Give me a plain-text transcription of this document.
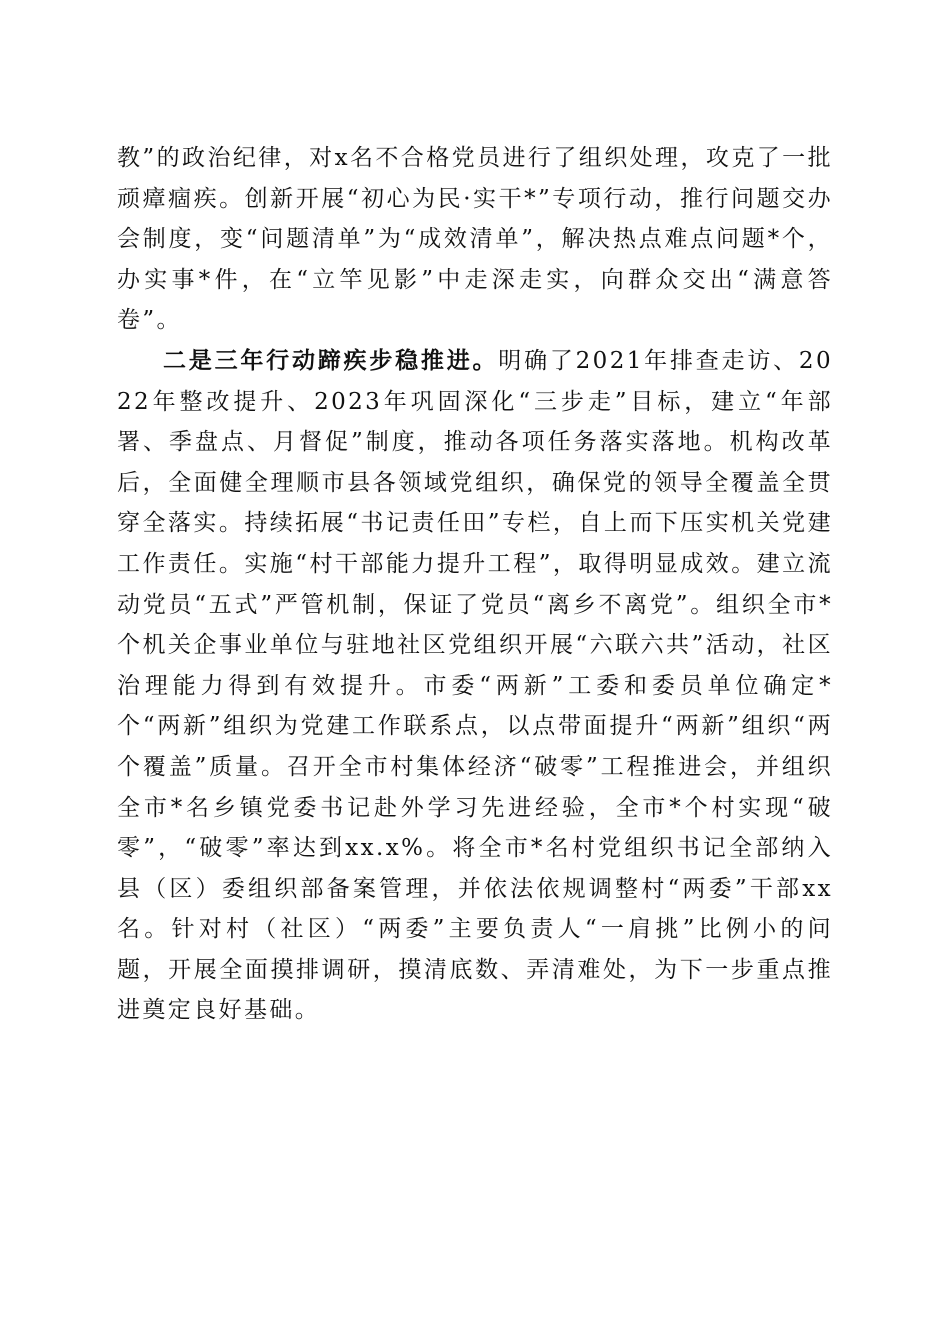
教”的政治纪律，对x名不合格党员进行了组织处理，攻克了一批顽瘴痼疾。创新开展“初心为民·实干*”专项行动，推行问题交办会制度，变“问题清单”为“成效清单”，解决热点难点问题*个，办实事*件，在“立竿见影”中走深走实，向群众交出“满意答卷”。

二是三年行动蹄疾步稳推进。明确了2021年排查走访、2022年整改提升、2023年巩固深化“三步走”目标，建立“年部署、季盘点、月督促”制度，推动各项任务落实落地。机构改革后，全面健全理顺市县各领域党组织，确保党的领导全覆盖全贯穿全落实。持续拓展“书记责任田”专栏，自上而下压实机关党建工作责任。实施“村干部能力提升工程”，取得明显成效。建立流动党员“五式”严管机制，保证了党员“离乡不离党”。组织全市*个机关企事业单位与驻地社区党组织开展“六联六共”活动，社区治理能力得到有效提升。市委“两新”工委和委员单位确定*个“两新”组织为党建工作联系点，以点带面提升“两新”组织“两个覆盖”质量。召开全市村集体经济“破零”工程推进会，并组织全市*名乡镇党委书记赴外学习先进经验，全市*个村实现“破零”，“破零”率达到xx.x%。将全市*名村党组织书记全部纳入县（区）委组织部备案管理，并依法依规调整村“两委”干部xx名。针对村（社区）“两委”主要负责人“一肩挑”比例小的问题，开展全面摸排调研，摸清底数、弄清难处，为下一步重点推进奠定良好基础。
